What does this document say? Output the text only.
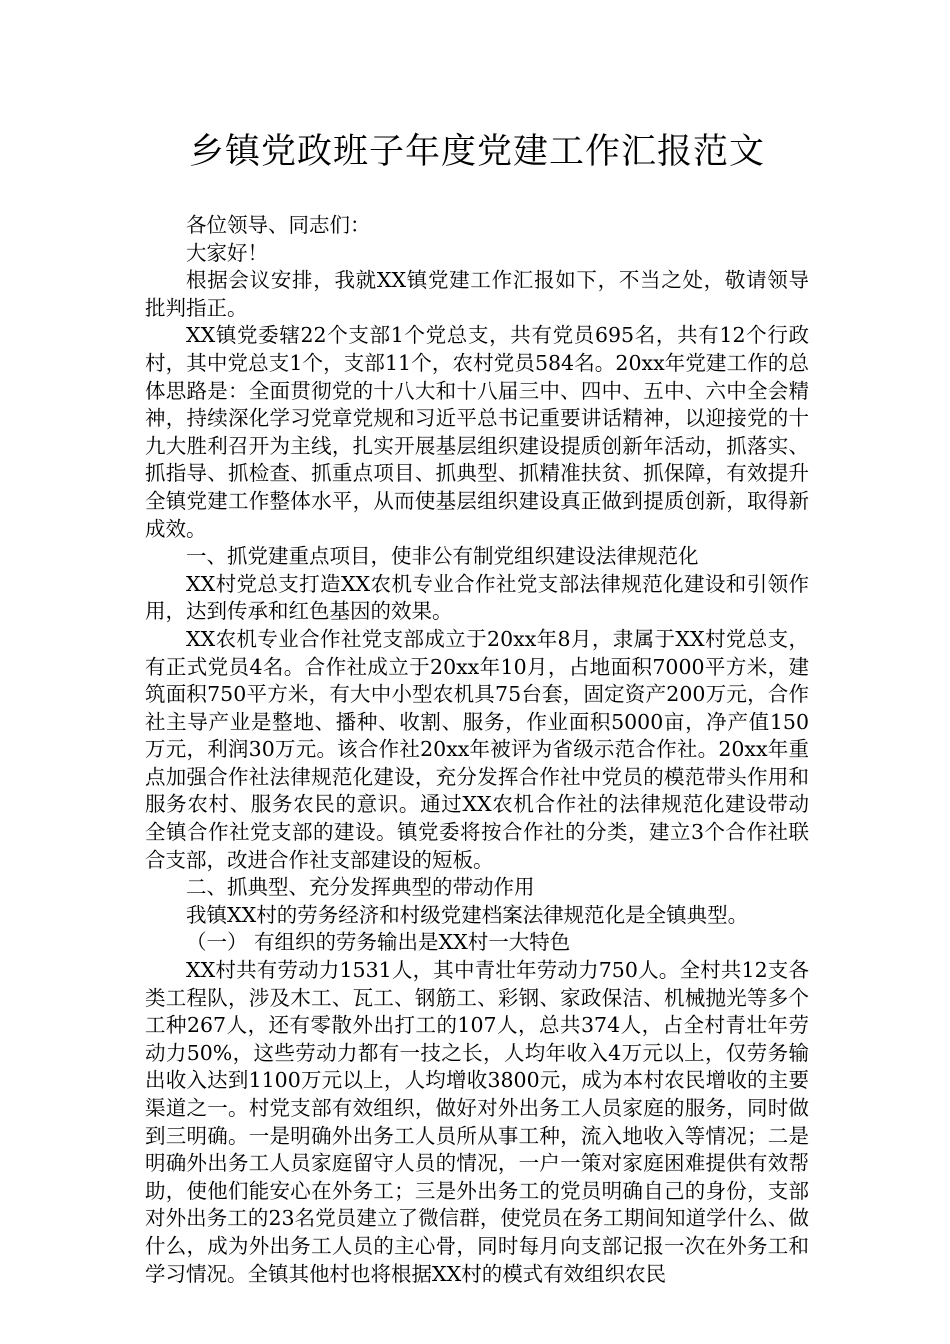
乡镇党政班子年度党建工作汇报范文

各位领导、同志们：

大家好！

根据会议安排，我就XX镇党建工作汇报如下，不当之处，敬请领导批判指正。

XX镇党委辖22个支部1个党总支，共有党员695名，共有12个行政村，其中党总支1个，支部11个，农村党员584名。20xx年党建工作的总体思路是：全面贯彻党的十八大和十八届三中、四中、五中、六中全会精神，持续深化学习党章党规和习近平总书记重要讲话精神，以迎接党的十九大胜利召开为主线，扎实开展基层组织建设提质创新年活动，抓落实、抓指导、抓检查、抓重点项目、抓典型、抓精准扶贫、抓保障，有效提升全镇党建工作整体水平，从而使基层组织建设真正做到提质创新，取得新成效。

一、抓党建重点项目，使非公有制党组织建设法律规范化

XX村党总支打造XX农机专业合作社党支部法律规范化建设和引领作用，达到传承和红色基因的效果。

XX农机专业合作社党支部成立于20xx年8月，隶属于XX村党总支，有正式党员4名。合作社成立于20xx年10月，占地面积7000平方米，建筑面积750平方米，有大中小型农机具75台套，固定资产200万元，合作社主导产业是整地、播种、收割、服务，作业面积5000亩，净产值150万元，利润30万元。该合作社20xx年被评为省级示范合作社。20xx年重点加强合作社法律规范化建设，充分发挥合作社中党员的模范带头作用和服务农村、服务农民的意识。通过XX农机合作社的法律规范化建设带动全镇合作社党支部的建设。镇党委将按合作社的分类，建立3个合作社联合支部，改进合作社支部建设的短板。

二、抓典型、充分发挥典型的带动作用

我镇XX村的劳务经济和村级党建档案法律规范化是全镇典型。

（一） 有组织的劳务输出是XX村一大特色

XX村共有劳动力1531人，其中青壮年劳动力750人。全村共12支各类工程队，涉及木工、瓦工、钢筋工、彩钢、家政保洁、机械抛光等多个工种267人，还有零散外出打工的107人，总共374人，占全村青壮年劳动力50%，这些劳动力都有一技之长，人均年收入4万元以上，仅劳务输出收入达到1100万元以上，人均增收3800元，成为本村农民增收的主要渠道之一。村党支部有效组织，做好对外出务工人员家庭的服务，同时做到三明确。一是明确外出务工人员所从事工种，流入地收入等情况；二是明确外出务工人员家庭留守人员的情况，一户一策对家庭困难提供有效帮助，使他们能安心在外务工；三是外出务工的党员明确自己的身份，支部对外出务工的23名党员建立了微信群，使党员在务工期间知道学什么、做什么，成为外出务工人员的主心骨，同时每月向支部记报一次在外务工和学习情况。全镇其他村也将根据XX村的模式有效组织农民
